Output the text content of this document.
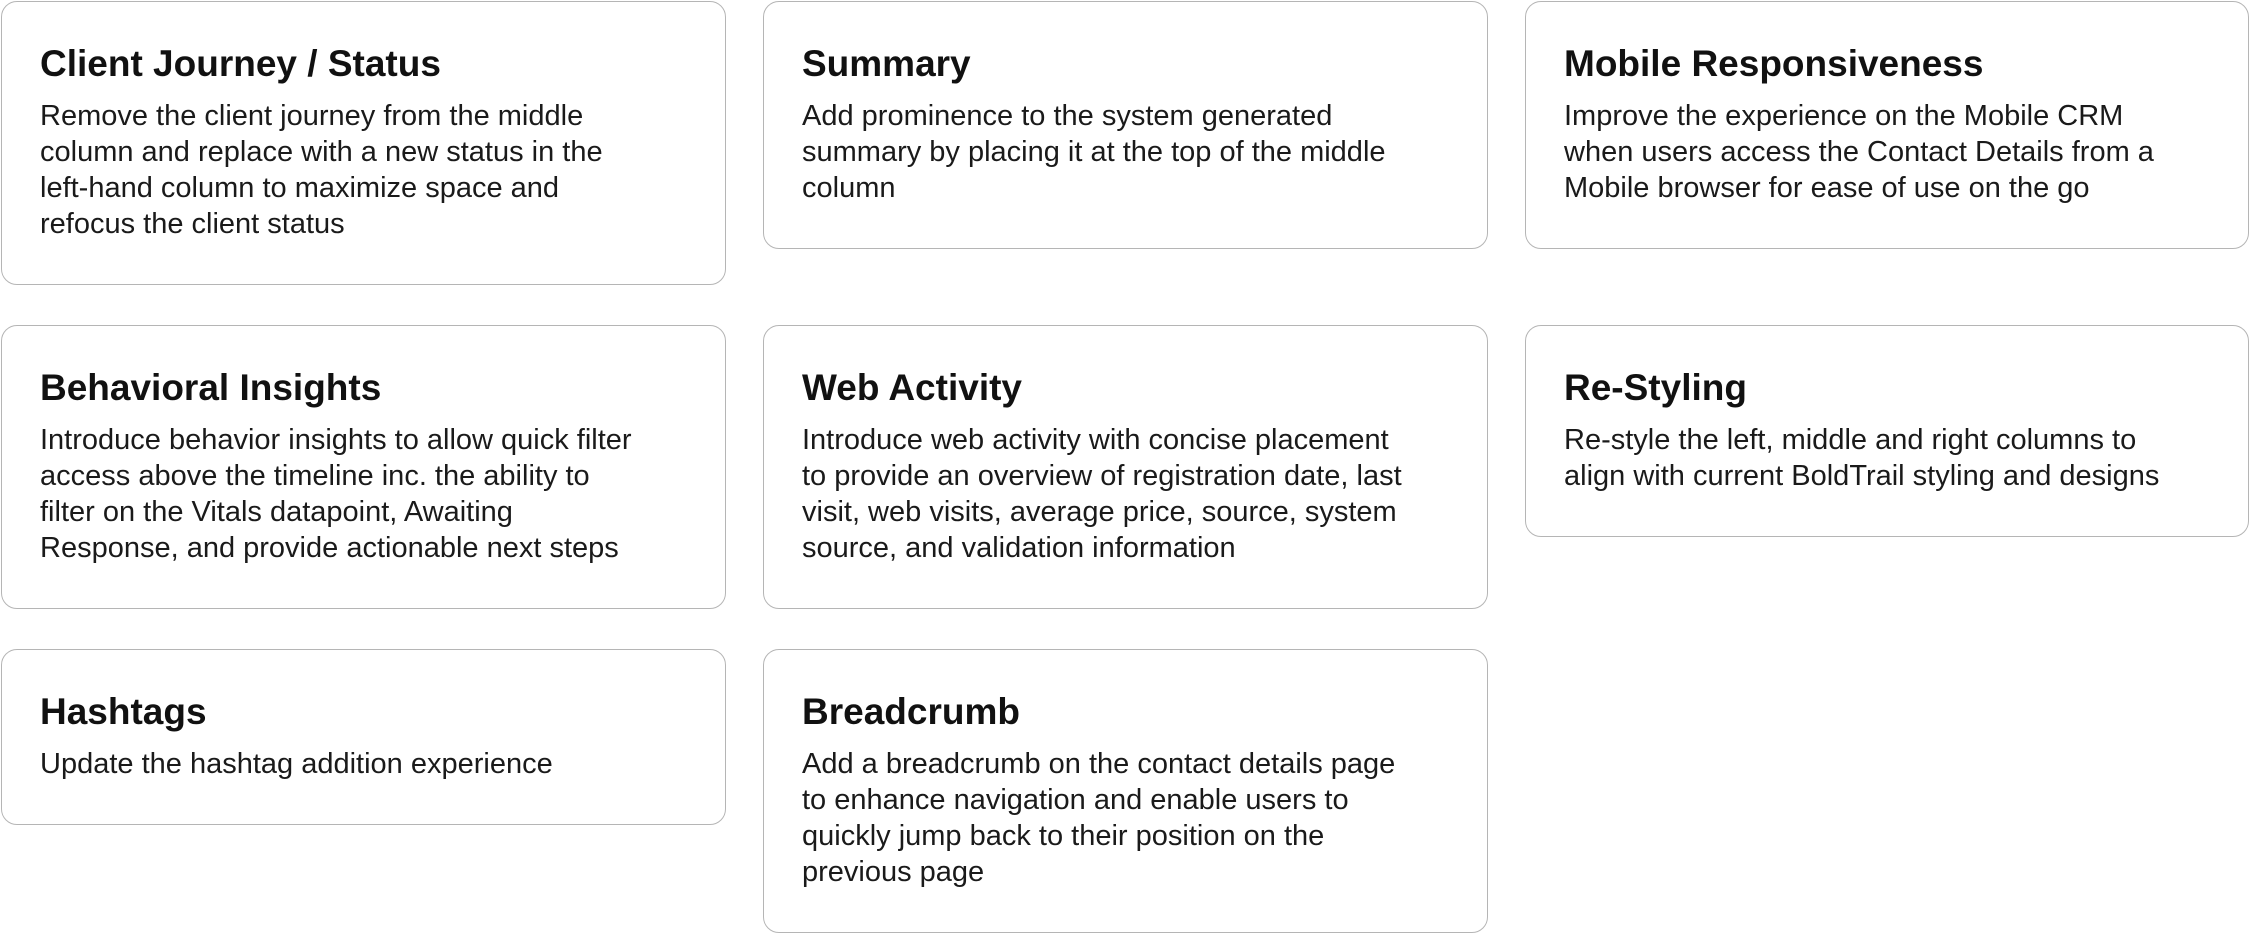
Client Journey / Status
Remove the client journey from the middle
column and replace with a new status in the
left-hand column to maximize space and
refocus the client status
Summary
Add prominence to the system generated
summary by placing it at the top of the middle
column
Mobile Responsiveness
Improve the experience on the Mobile CRM
when users access the Contact Details from a
Mobile browser for ease of use on the go
Behavioral Insights
Introduce behavior insights to allow quick filter
access above the timeline inc. the ability to
filter on the Vitals datapoint, Awaiting
Response, and provide actionable next steps
Web Activity
Introduce web activity with concise placement
to provide an overview of registration date, last
visit, web visits, average price, source, system
source, and validation information
Re-Styling
Re-style the left, middle and right columns to
align with current BoldTrail styling and designs
Hashtags
Update the hashtag addition experience
Breadcrumb
Add a breadcrumb on the contact details page
to enhance navigation and enable users to
quickly jump back to their position on the
previous page
